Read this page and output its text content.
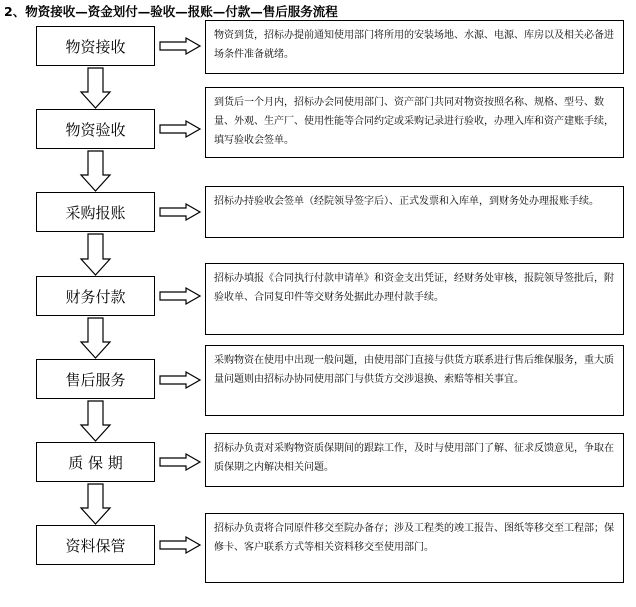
2、物资接收—资金划付—验收—报账—付款—售后服务流程
物资接收
物资验收
采购报账
财务付款
售后服务
质 保 期
资料保管
物资到货，招标办提前通知使用部门将所用的安装场地、水源、电源、库房以及相关必备进场条件准备就绪。
到货后一个月内，招标办会同使用部门、资产部门共同对物资按照名称、规格、型号、数量、外观、生产厂、使用性能等合同约定或采购记录进行验收，办理入库和资产建账手续，填写验收会签单。
招标办持验收会签单（经院领导签字后）、正式发票和入库单，到财务处办理报账手续。
招标办填报《合同执行付款申请单》和资金支出凭证，经财务处审核，报院领导签批后，附验收单、合同复印件等交财务处据此办理付款手续。
采购物资在使用中出现一般问题，由使用部门直接与供货方联系进行售后维保服务，重大质量问题则由招标办协同使用部门与供货方交涉退换、索赔等相关事宜。
招标办负责对采购物资质保期间的跟踪工作，及时与使用部门了解、征求反馈意见，争取在质保期之内解决相关问题。
招标办负责将合同原件移交至院办备存；涉及工程类的竣工报告、图纸等移交至工程部；保修卡、客户联系方式等相关资料移交至使用部门。
